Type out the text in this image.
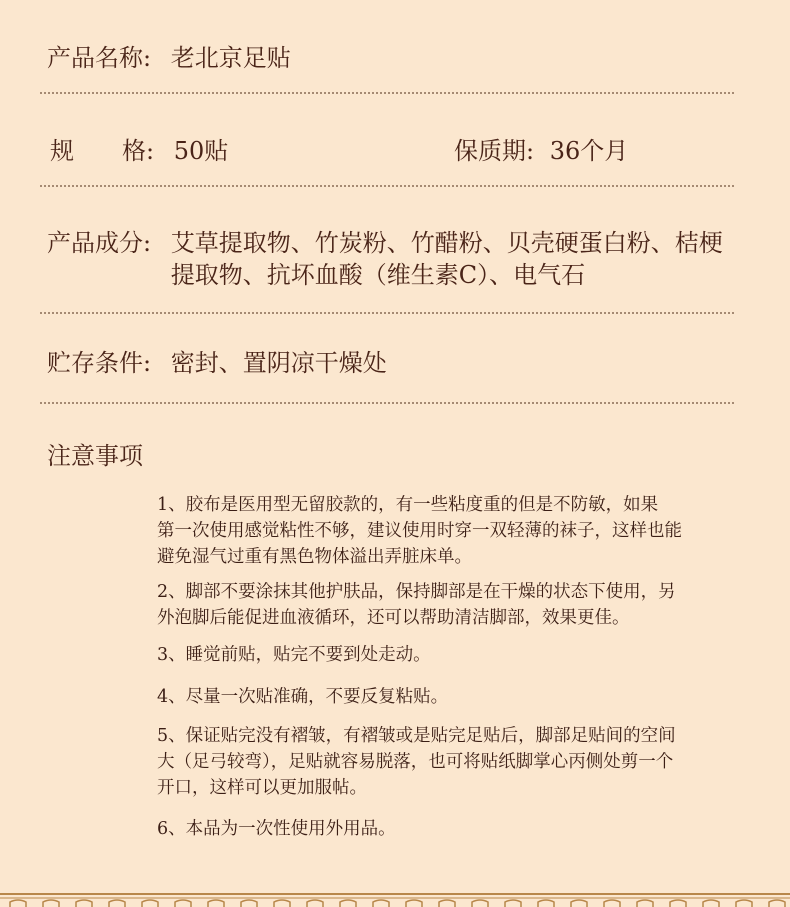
产品名称: 老北京足贴
规　　格: 50贴	保质期: 36个月
产品成分: 艾草提取物、竹炭粉、竹醋粉、贝壳硬蛋白粉、桔梗
提取物、抗坏血酸（维生素C）、电气石
贮存条件: 密封、置阴凉干燥处
注意事项
1、胶布是医用型无留胶款的，有一些粘度重的但是不防敏，如果
第一次使用感觉粘性不够，建议使用时穿一双轻薄的袜子，这样也能
避免湿气过重有黑色物体溢出弄脏床单。
2、脚部不要涂抹其他护肤品，保持脚部是在干燥的状态下使用，另
外泡脚后能促进血液循环，还可以帮助清洁脚部，效果更佳。
3、睡觉前贴，贴完不要到处走动。
4、尽量一次贴准确，不要反复粘贴。
5、保证贴完没有褶皱，有褶皱或是贴完足贴后，脚部足贴间的空间
大（足弓较弯），足贴就容易脱落，也可将贴纸脚掌心丙侧处剪一个
开口，这样可以更加服帖。
6、本品为一次性使用外用品。
